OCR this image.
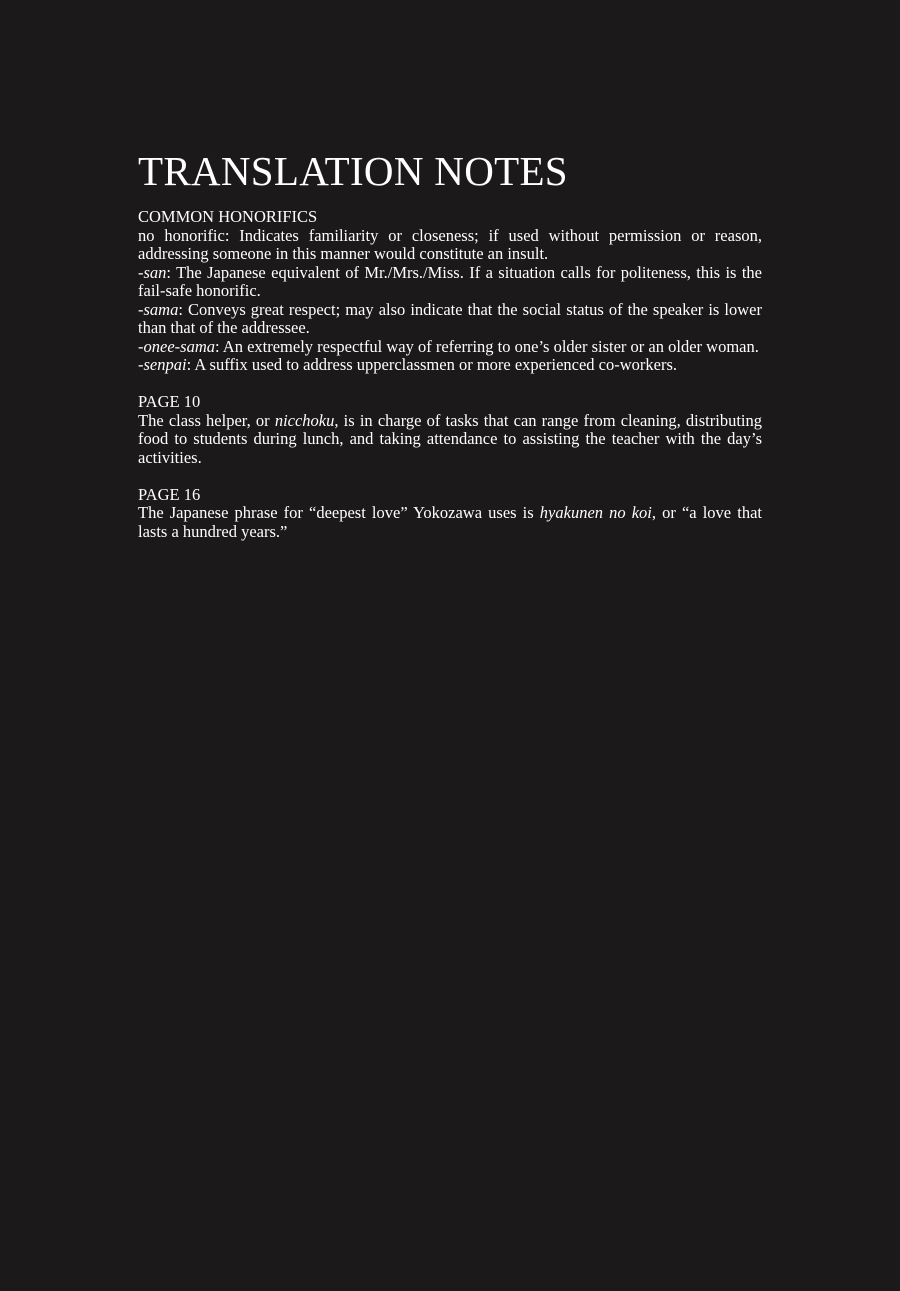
TRANSLATION NOTES

COMMON HONORIFICS

no honorific: Indicates familiarity or closeness; if used without permission or reason, addressing someone in this manner would constitute an insult.

-san: The Japanese equivalent of Mr./Mrs./Miss. If a situation calls for politeness, this is the fail-safe honorific.

-sama: Conveys great respect; may also indicate that the social status of the speaker is lower than that of the addressee.

-onee-sama: An extremely respectful way of referring to one’s older sister or an older woman.

-senpai: A suffix used to address upperclassmen or more experienced co-workers.

PAGE 10

The class helper, or nicchoku, is in charge of tasks that can range from cleaning, distributing food to students during lunch, and taking attendance to assisting the teacher with the day’s activities.

PAGE 16

The Japanese phrase for “deepest love” Yokozawa uses is hyakunen no koi, or “a love that lasts a hundred years.”
